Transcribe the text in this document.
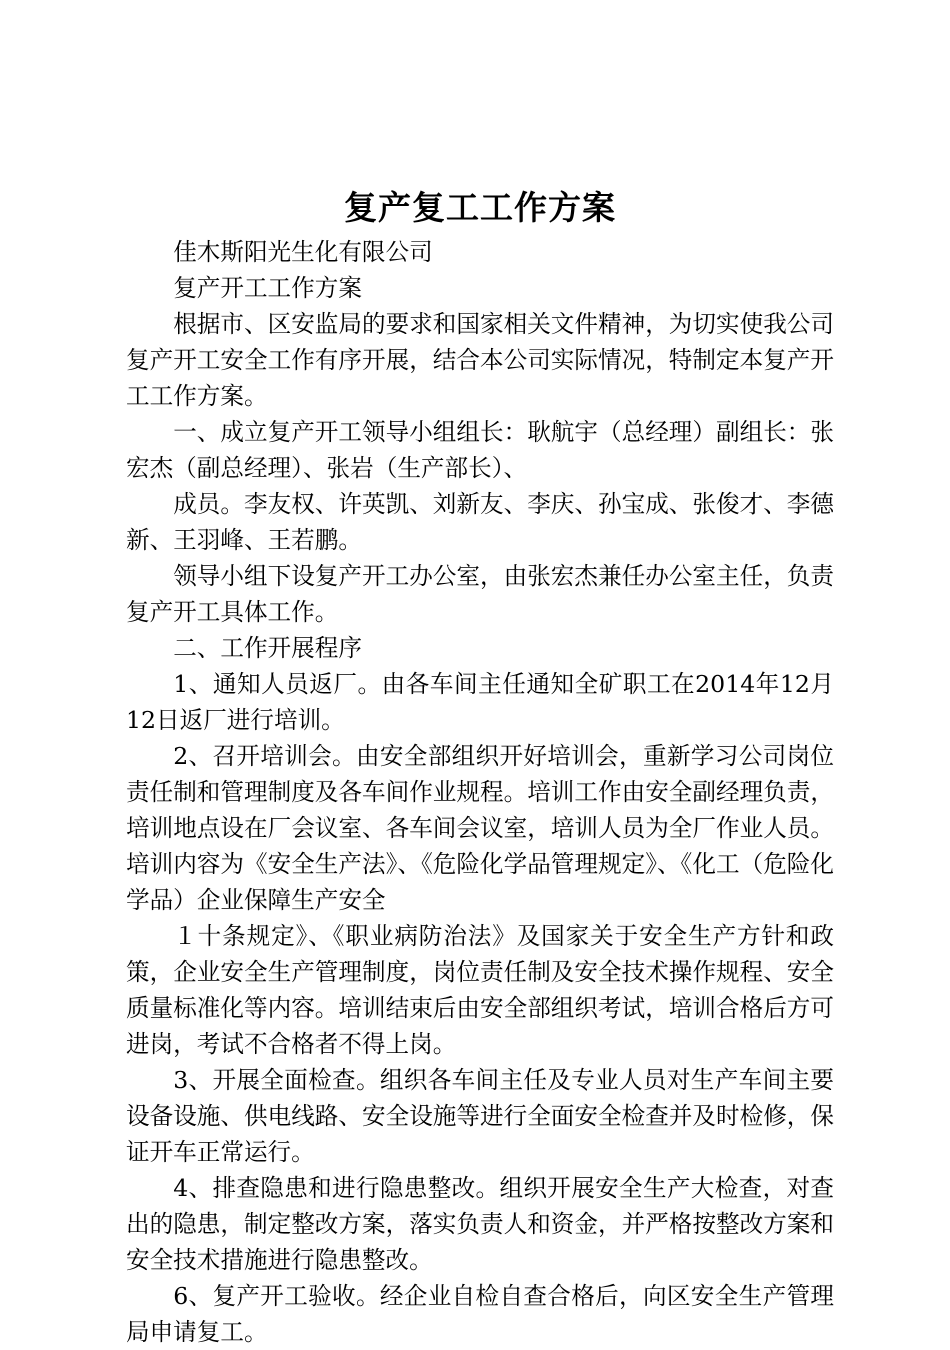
复产复工工作方案

佳木斯阳光生化有限公司

复产开工工作方案

根据市、区安监局的要求和国家相关文件精神，为切实使我公司复产开工安全工作有序开展，结合本公司实际情况，特制定本复产开工工作方案。

一、成立复产开工领导小组组长：耿航宇（总经理）副组长：张宏杰（副总经理）、张岩（生产部长）、

成员。李友权、许英凯、刘新友、李庆、孙宝成、张俊才、李德新、王羽峰、王若鹏。

领导小组下设复产开工办公室，由张宏杰兼任办公室主任，负责复产开工具体工作。

二、工作开展程序

1、通知人员返厂。由各车间主任通知全矿职工在2014年12月12日返厂进行培训。

2、召开培训会。由安全部组织开好培训会，重新学习公司岗位责任制和管理制度及各车间作业规程。培训工作由安全副经理负责，培训地点设在厂会议室、各车间会议室，培训人员为全厂作业人员。培训内容为《安全生产法》、《危险化学品管理规定》、《化工（危险化学品）企业保障生产安全

１十条规定》、《职业病防治法》及国家关于安全生产方针和政策，企业安全生产管理制度，岗位责任制及安全技术操作规程、安全质量标准化等内容。培训结束后由安全部组织考试，培训合格后方可进岗，考试不合格者不得上岗。

3、开展全面检查。组织各车间主任及专业人员对生产车间主要设备设施、供电线路、安全设施等进行全面安全检查并及时检修，保证开车正常运行。

4、排查隐患和进行隐患整改。组织开展安全生产大检查，对查出的隐患，制定整改方案，落实负责人和资金，并严格按整改方案和安全技术措施进行隐患整改。

6、复产开工验收。经企业自检自查合格后，向区安全生产管理局申请复工。
